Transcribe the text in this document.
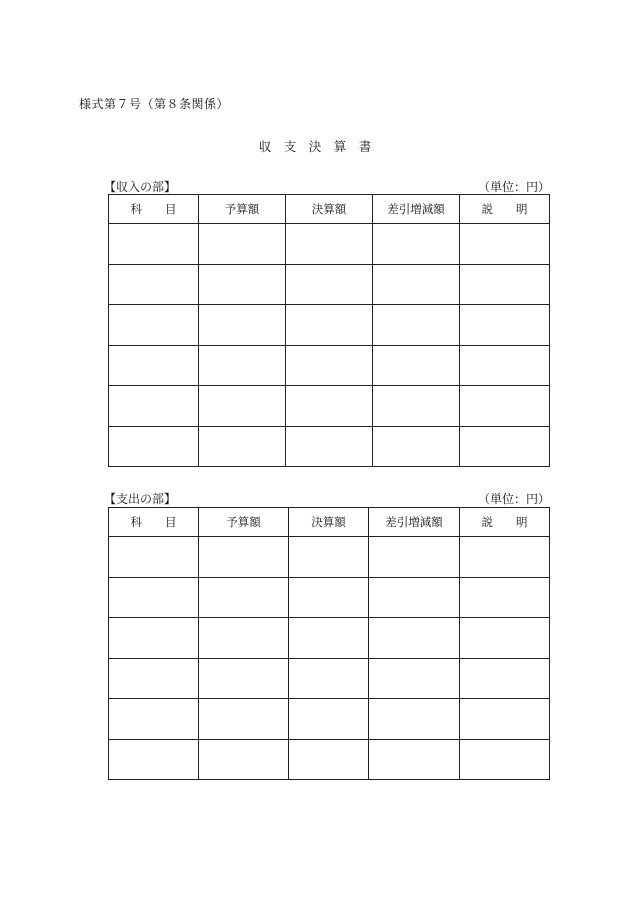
様式第７号（第８条関係）
収　支　決　算　書
【収入の部】	（単位：円）
科　　目	予算額	決算額	差引増減額	説　　明

【支出の部】	（単位：円）
科　　目	予算額	決算額	差引増減額	説　　明
